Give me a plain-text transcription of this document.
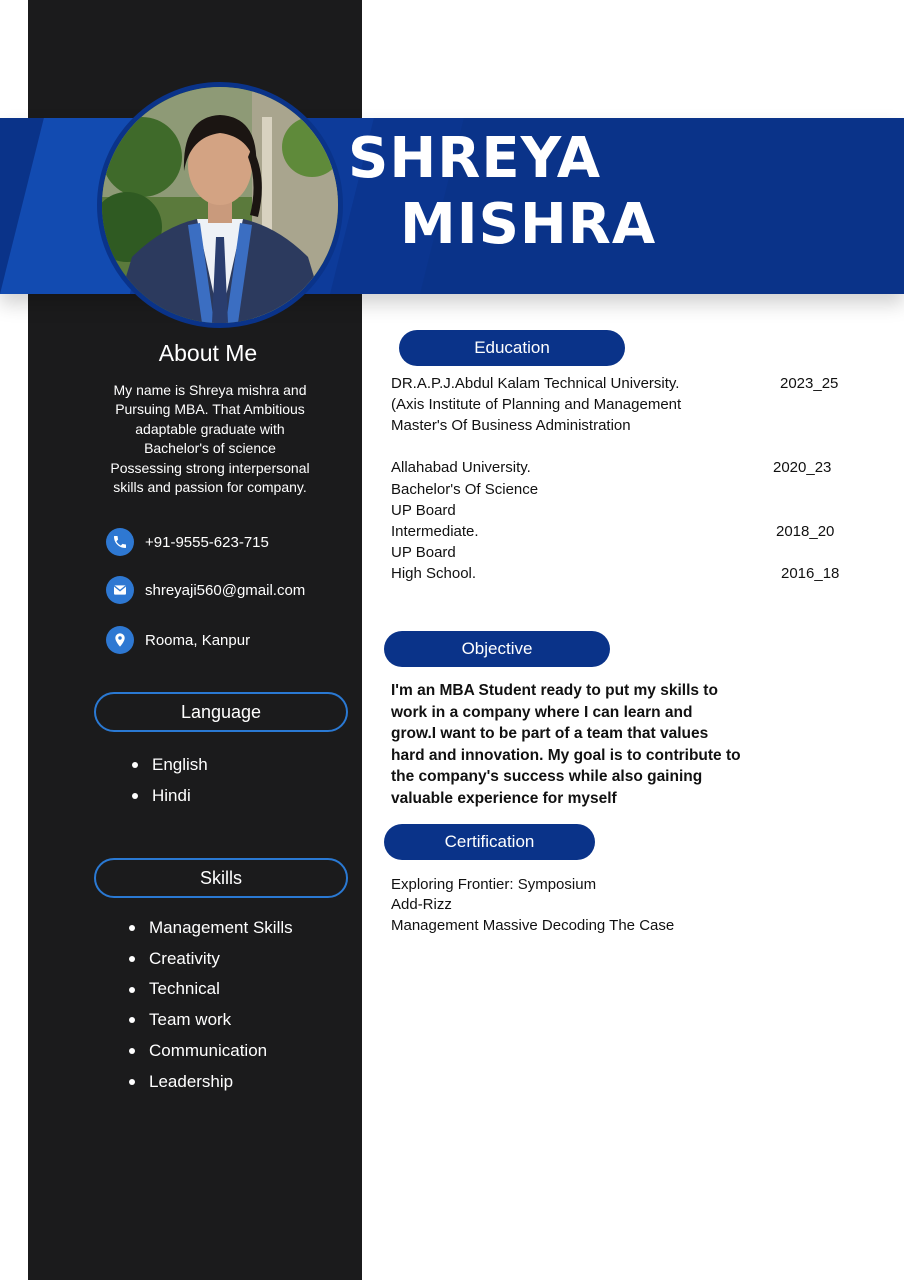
SHREYA
MISHRA
About Me
My name is Shreya mishra and Pursuing MBA. That Ambitious adaptable graduate with Bachelor's of science Possessing strong interpersonal skills and passion for company.
+91-9555-623-715
shreyaji560@gmail.com
Rooma, Kanpur
Language
English
Hindi
Skills
Management Skills
Creativity
Technical
Team work
Communication
Leadership
Education
DR.A.P.J.Abdul Kalam Technical University.
(Axis Institute of Planning and Management
Master's Of Business Administration
Allahabad University.
Bachelor's Of Science
UP Board
Intermediate.
UP Board
High School.
2023_25
2020_23
2018_20
2016_18
Objective
I'm an MBA Student ready to put my skills to work in a company where I can learn and grow.I want to be part of a team that values hard and innovation. My goal is to contribute to the company's success while also gaining valuable experience for myself
Certification
Exploring Frontier: Symposium
Add-Rizz
Management Massive Decoding The Case
